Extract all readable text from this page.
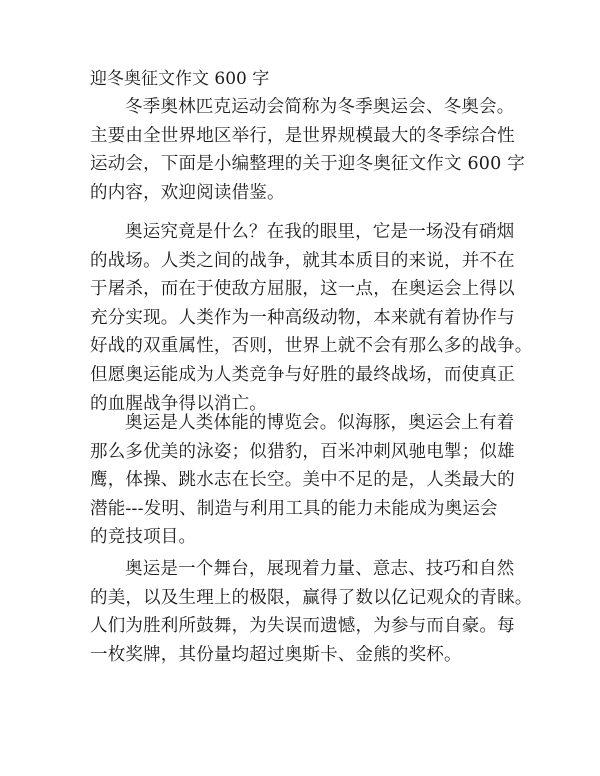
迎冬奥征文作文 600 字
冬季奥林匹克运动会简称为冬季奥运会、冬奥会。
主要由全世界地区举行，是世界规模最大的冬季综合性
运动会，下面是小编整理的关于迎冬奥征文作文 600 字
的内容，欢迎阅读借鉴。
奥运究竟是什么？在我的眼里，它是一场没有硝烟
的战场。人类之间的战争，就其本质目的来说，并不在
于屠杀，而在于使敌方屈服，这一点，在奥运会上得以
充分实现。人类作为一种高级动物，本来就有着协作与
好战的双重属性，否则，世界上就不会有那么多的战争。
但愿奥运能成为人类竞争与好胜的最终战场，而使真正
的血腥战争得以消亡。
奥运是人类体能的博览会。似海豚，奥运会上有着
那么多优美的泳姿；似猎豹，百米冲刺风驰电掣；似雄
鹰，体操、跳水志在长空。美中不足的是，人类最大的
潜能---发明、制造与利用工具的能力未能成为奥运会
的竞技项目。
奥运是一个舞台，展现着力量、意志、技巧和自然
的美，以及生理上的极限，赢得了数以亿记观众的青睐。
人们为胜利所鼓舞，为失误而遗憾，为参与而自豪。每
一枚奖牌，其份量均超过奥斯卡、金熊的奖杯。
